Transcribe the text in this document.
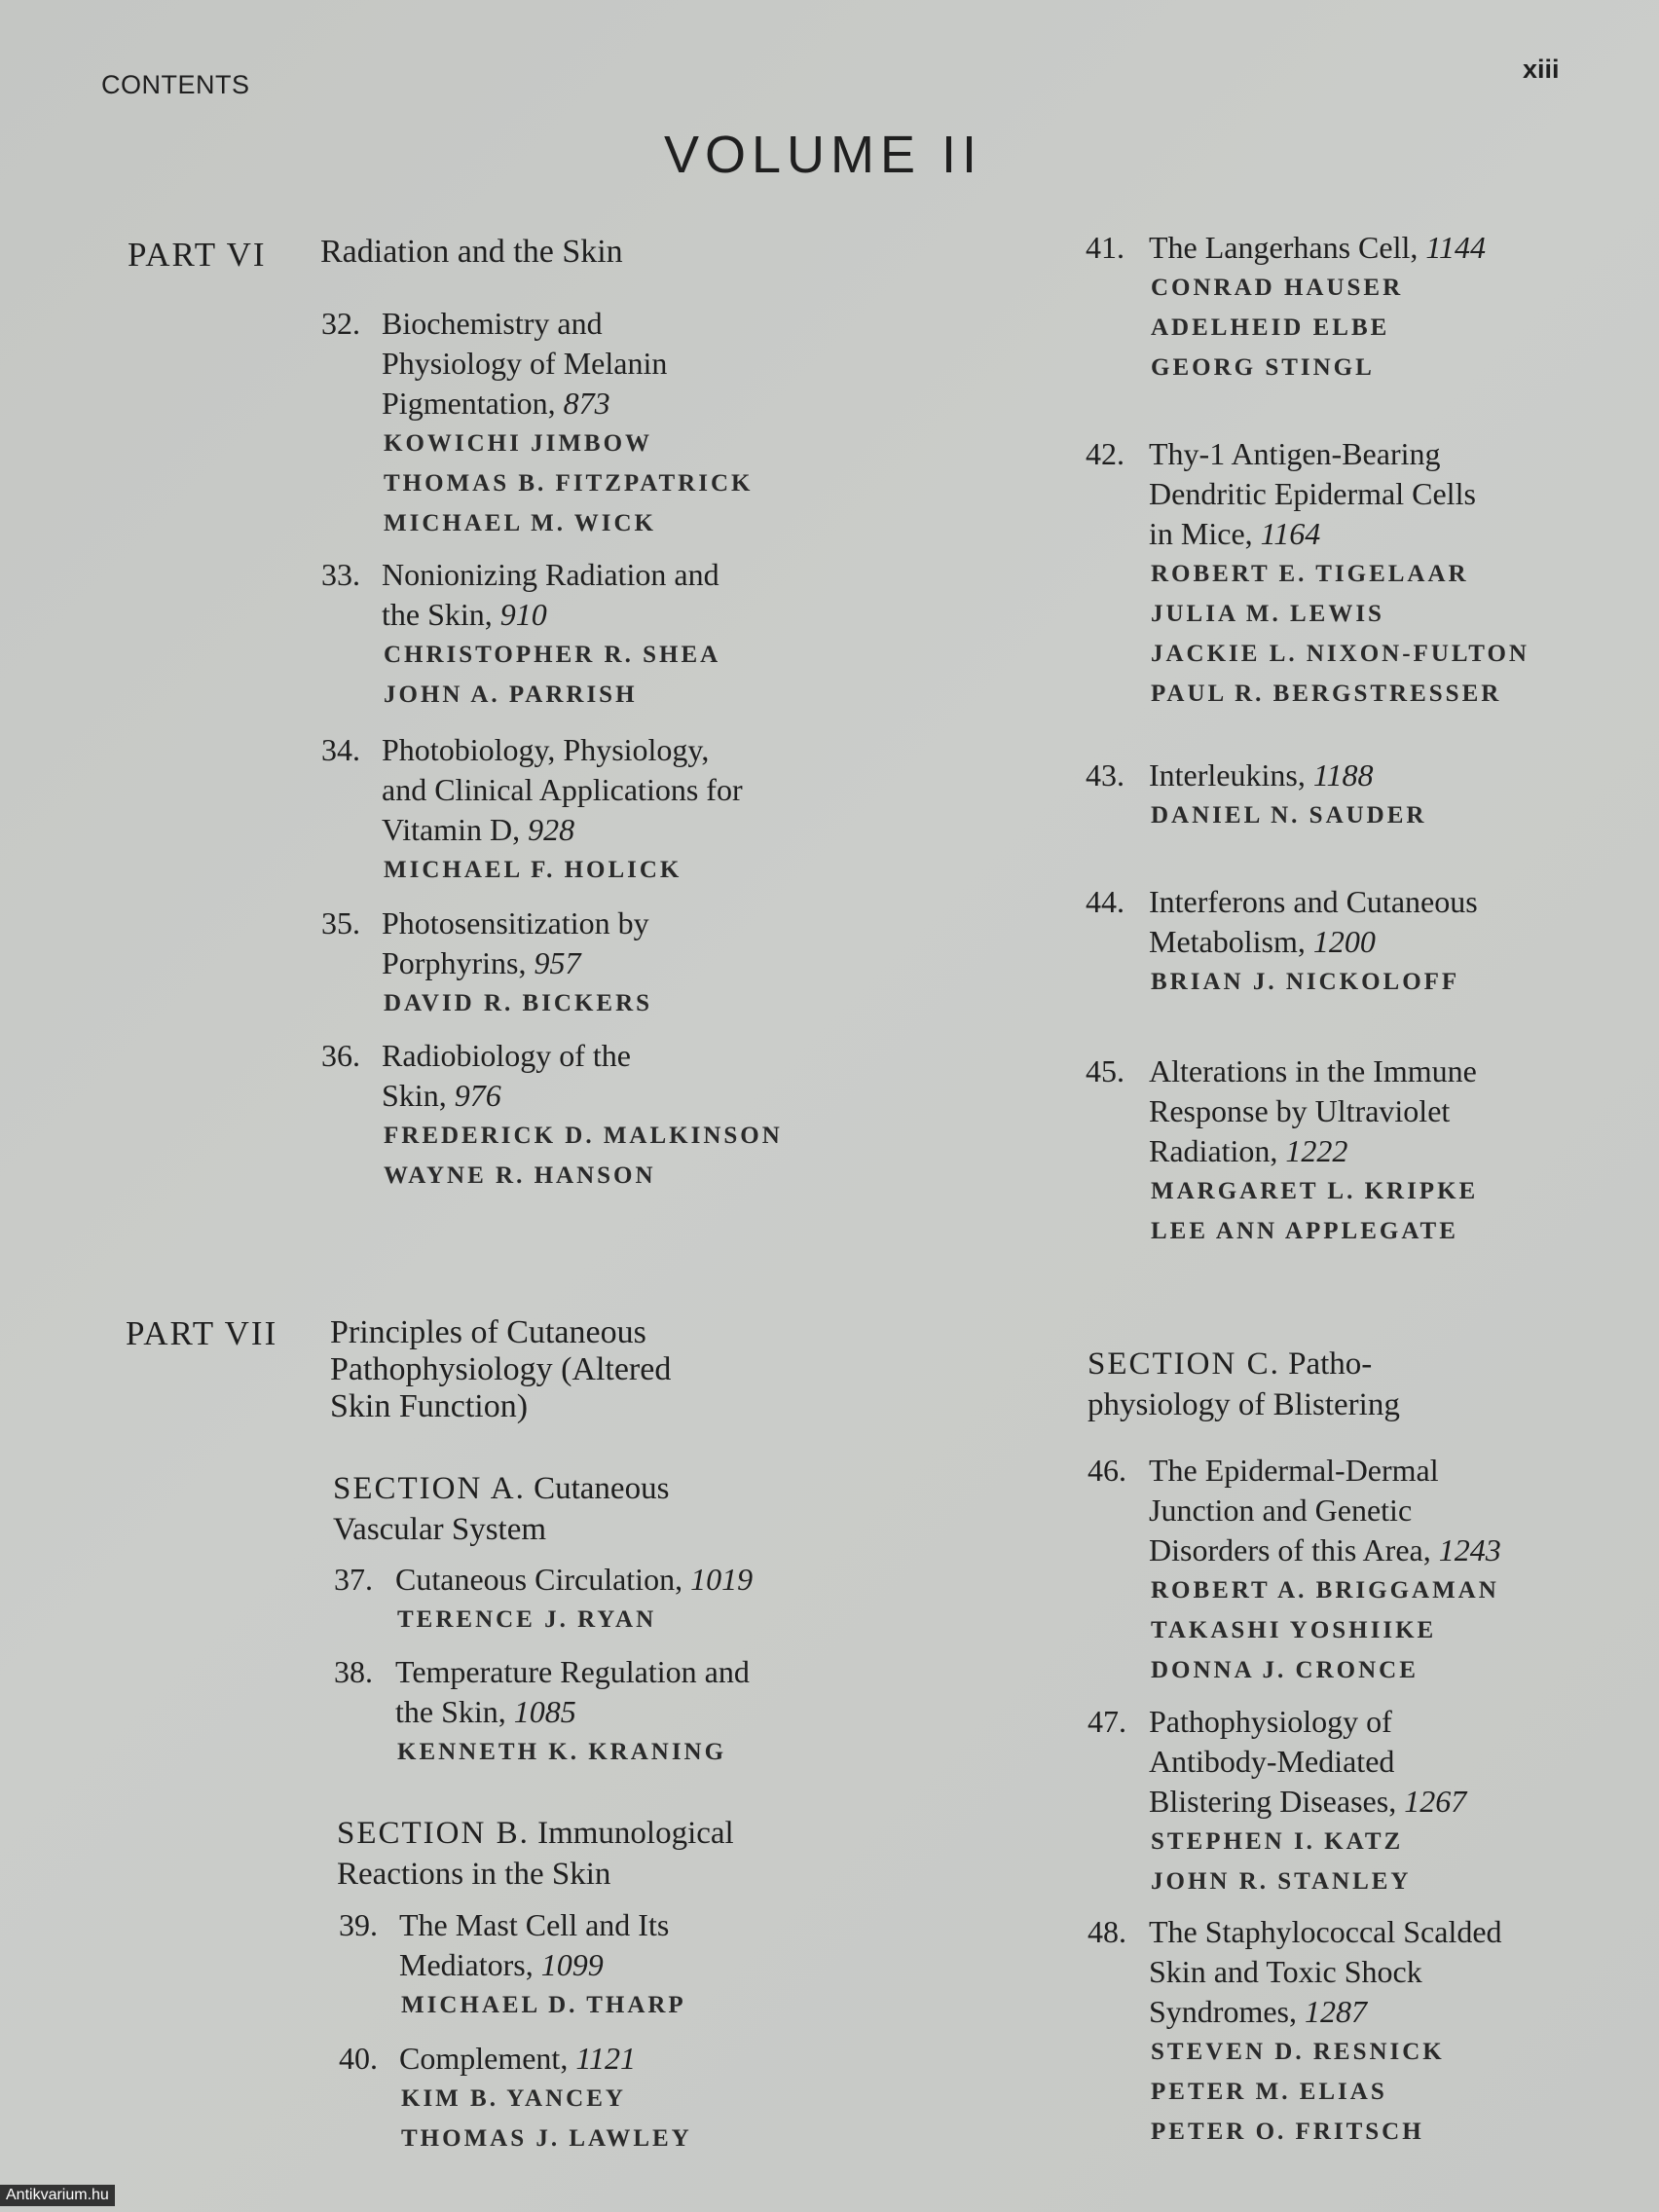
CONTENTS
xiii
VOLUME II
PART VI Radiation and the Skin
32. Biochemistry and
Physiology of Melanin
Pigmentation, 873
KOWICHI JIMBOW
THOMAS B. FITZPATRICK
MICHAEL M. WICK
33. Nonionizing Radiation and
the Skin, 910
CHRISTOPHER R. SHEA
JOHN A. PARRISH
34. Photobiology, Physiology,
and Clinical Applications for
Vitamin D, 928
MICHAEL F. HOLICK
35. Photosensitization by
Porphyrins, 957
DAVID R. BICKERS
36. Radiobiology of the
Skin, 976
FREDERICK D. MALKINSON
WAYNE R. HANSON
PART VII Principles of Cutaneous
Pathophysiology (Altered
Skin Function)
SECTION A. Cutaneous
Vascular System
37. Cutaneous Circulation, 1019
TERENCE J. RYAN
38. Temperature Regulation and
the Skin, 1085
KENNETH K. KRANING
SECTION B. Immunological
Reactions in the Skin
39. The Mast Cell and Its
Mediators, 1099
MICHAEL D. THARP
40. Complement, 1121
KIM B. YANCEY
THOMAS J. LAWLEY
41. The Langerhans Cell, 1144
CONRAD HAUSER
ADELHEID ELBE
GEORG STINGL
42. Thy-1 Antigen-Bearing
Dendritic Epidermal Cells
in Mice, 1164
ROBERT E. TIGELAAR
JULIA M. LEWIS
JACKIE L. NIXON-FULTON
PAUL R. BERGSTRESSER
43. Interleukins, 1188
DANIEL N. SAUDER
44. Interferons and Cutaneous
Metabolism, 1200
BRIAN J. NICKOLOFF
45. Alterations in the Immune
Response by Ultraviolet
Radiation, 1222
MARGARET L. KRIPKE
LEE ANN APPLEGATE
SECTION C. Patho-
physiology of Blistering
46. The Epidermal-Dermal
Junction and Genetic
Disorders of this Area, 1243
ROBERT A. BRIGGAMAN
TAKASHI YOSHIIKE
DONNA J. CRONCE
47. Pathophysiology of
Antibody-Mediated
Blistering Diseases, 1267
STEPHEN I. KATZ
JOHN R. STANLEY
48. The Staphylococcal Scalded
Skin and Toxic Shock
Syndromes, 1287
STEVEN D. RESNICK
PETER M. ELIAS
PETER O. FRITSCH
Antikvarium.hu
